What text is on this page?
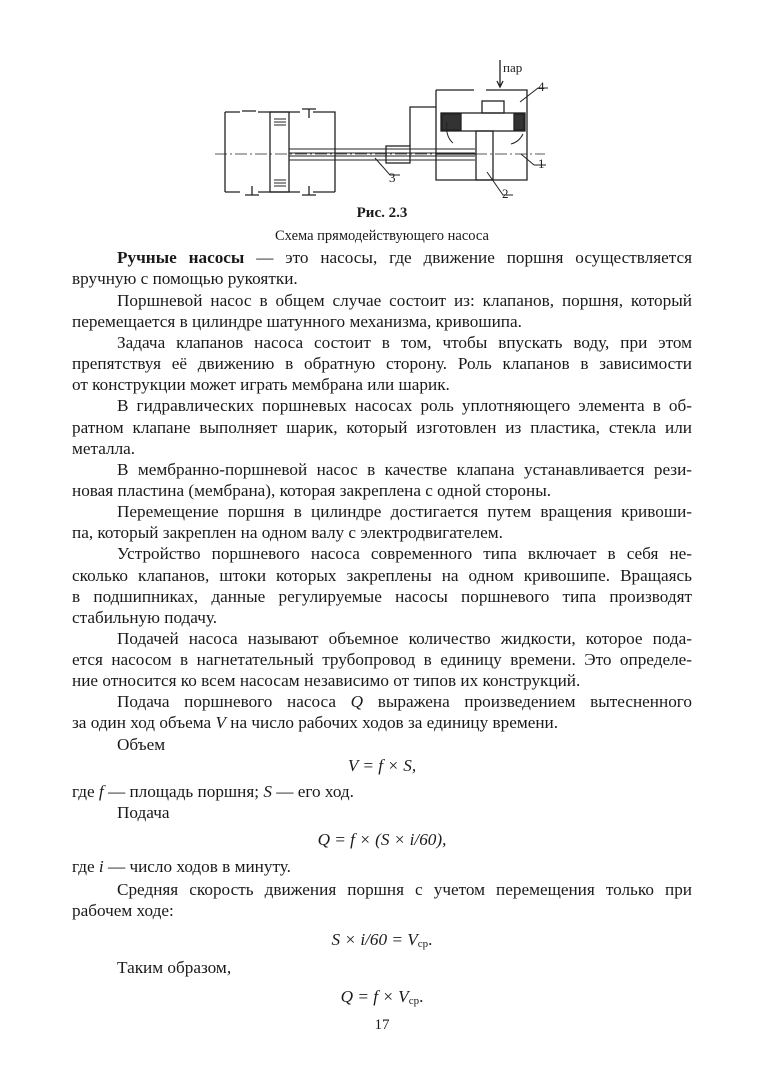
пар
4
1
2
3
Рис. 2.3
Схема прямодействующего насоса
Ручные насосы — это насосы, где движение поршня осуществляется
вручную с помощью рукоятки.
Поршневой насос в общем случае состоит из: клапанов, поршня, который
перемещается в цилиндре шатунного механизма, кривошипа.
Задача клапанов насоса состоит в том, чтобы впускать воду, при этом
препятствуя её движению в обратную сторону. Роль клапанов в зависимости
от конструкции может играть мембрана или шарик.
В гидравлических поршневых насосах роль уплотняющего элемента в об-
ратном клапане выполняет шарик, который изготовлен из пластика, стекла или
металла.
В мембранно-поршневой насос в качестве клапана устанавливается рези-
новая пластина (мембрана), которая закреплена с одной стороны.
Перемещение поршня в цилиндре достигается путем вращения кривоши-
па, который закреплен на одном валу с электродвигателем.
Устройство поршневого насоса современного типа включает в себя не-
сколько клапанов, штоки которых закреплены на одном кривошипе. Вращаясь
в подшипниках, данные регулируемые насосы поршневого типа производят
стабильную подачу.
Подачей насоса называют объемное количество жидкости, которое пода-
ется насосом в нагнетательный трубопровод в единицу времени. Это определе-
ние относится ко всем насосам независимо от типов их конструкций.
Подача поршневого насоса Q выражена произведением вытесненного
за один ход объема V на число рабочих ходов за единицу времени.
Объем
V = f × S,
где f — площадь поршня; S — его ход.
Подача
Q = f × (S × i/60),
где i — число ходов в минуту.
Средняя скорость движения поршня с учетом перемещения только при
рабочем ходе:
$S \times i/60 = V_{ср}$.
Таким образом,
$Q = f \times V_{ср}$.
17
